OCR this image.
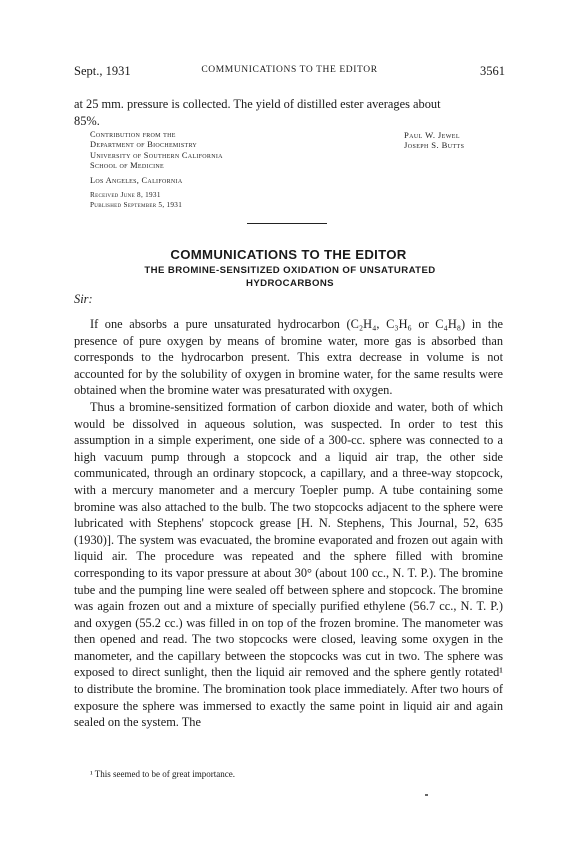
Sept., 1931	COMMUNICATIONS TO THE EDITOR	3561
at 25 mm. pressure is collected. The yield of distilled ester averages about
85%.
Contribution from the
Department of Biochemistry
University of Southern California
School of Medicine
Los Angeles, California
Received June 8, 1931
Published September 5, 1931
Paul W. Jewel
Joseph S. Butts
COMMUNICATIONS TO THE EDITOR
THE BROMINE-SENSITIZED OXIDATION OF UNSATURATED HYDROCARBONS
Sir:

If one absorbs a pure unsaturated hydrocarbon (C₂H₄, C₃H₆ or C₄H₈) in the presence of pure oxygen by means of bromine water, more gas is absorbed than corresponds to the hydrocarbon present. This extra decrease in volume is not accounted for by the solubility of oxygen in bromine water, for the same results were obtained when the bromine water was presaturated with oxygen.

Thus a bromine-sensitized formation of carbon dioxide and water, both of which would be dissolved in aqueous solution, was suspected. In order to test this assumption in a simple experiment, one side of a 300-cc. sphere was connected to a high vacuum pump through a stopcock and a liquid air trap, the other side communicated, through an ordinary stopcock, a capillary, and a three-way stopcock, with a mercury manometer and a mercury Toepler pump. A tube containing some bromine was also attached to the bulb. The two stopcocks adjacent to the sphere were lubricated with Stephens' stopcock grease [H. N. Stephens, This Journal, 52, 635 (1930)]. The system was evacuated, the bromine evaporated and frozen out again with liquid air. The procedure was repeated and the sphere filled with bromine corresponding to its vapor pressure at about 30° (about 100 cc., N. T. P.). The bromine tube and the pumping line were sealed off between sphere and stopcock. The bromine was again frozen out and a mixture of specially purified ethylene (56.7 cc., N. T. P.) and oxygen (55.2 cc.) was filled in on top of the frozen bromine. The manometer was then opened and read. The two stopcocks were closed, leaving some oxygen in the manometer, and the capillary between the stopcocks was cut in two. The sphere was exposed to direct sunlight, then the liquid air removed and the sphere gently rotated¹ to distribute the bromine. The bromination took place immediately. After two hours of exposure the sphere was immersed to exactly the same point in liquid air and again sealed on the system. The

¹ This seemed to be of great importance.
